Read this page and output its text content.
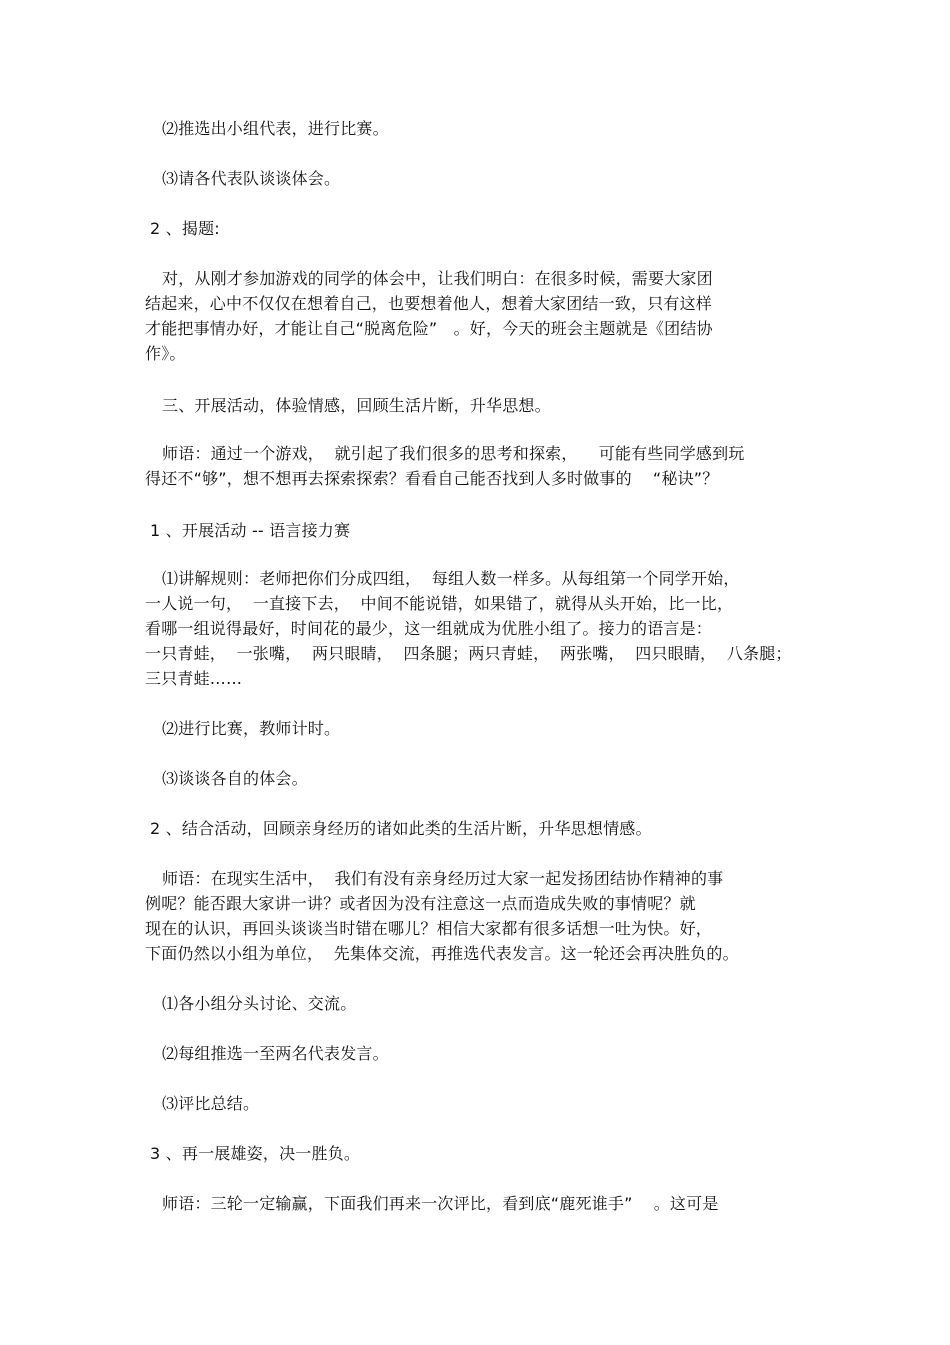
⑵推选出小组代表，进行比赛。
⑶请各代表队谈谈体会。
2 、揭题:
对，从刚才参加游戏的同学的体会中，让我们明白：在很多时候，需要大家团
结起来，心中不仅仅在想着自己，也要想着他人，想着大家团结一致，只有这样
才能把事情办好，才能让自己“脱离危险”　。好，今天的班会主题就是《团结协
作》。
三、开展活动，体验情感，回顾生活片断，升华思想。
师语：通过一个游戏，  就引起了我们很多的思考和探索，    可能有些同学感到玩
得还不“够”，想不想再去探索探索？看看自己能否找到人多时做事的    “秘诀”？
1 、开展活动 -- 语言接力赛
⑴讲解规则：老师把你们分成四组，  每组人数一样多。从每组第一个同学开始，
一人说一句，  一直接下去，  中间不能说错，如果错了，就得从头开始，比一比，
看哪一组说得最好，时间花的最少，这一组就成为优胜小组了。接力的语言是：
一只青蛙，  一张嘴，  两只眼睛，  四条腿；两只青蛙，  两张嘴，  四只眼睛，  八条腿；
三只青蛙……
⑵进行比赛，教师计时。
⑶谈谈各自的体会。
2 、结合活动，回顾亲身经历的诸如此类的生活片断，升华思想情感。
师语：在现实生活中，  我们有没有亲身经历过大家一起发扬团结协作精神的事
例呢？能否跟大家讲一讲？或者因为没有注意这一点而造成失败的事情呢？就
现在的认识，再回头谈谈当时错在哪儿？相信大家都有很多话想一吐为快。好，
下面仍然以小组为单位，  先集体交流，再推选代表发言。这一轮还会再决胜负的。
⑴各小组分头讨论、交流。
⑵每组推选一至两名代表发言。
⑶评比总结。
3 、再一展雄姿，决一胜负。
师语：三轮一定输赢，下面我们再来一次评比，看到底“鹿死谁手”    。这可是
